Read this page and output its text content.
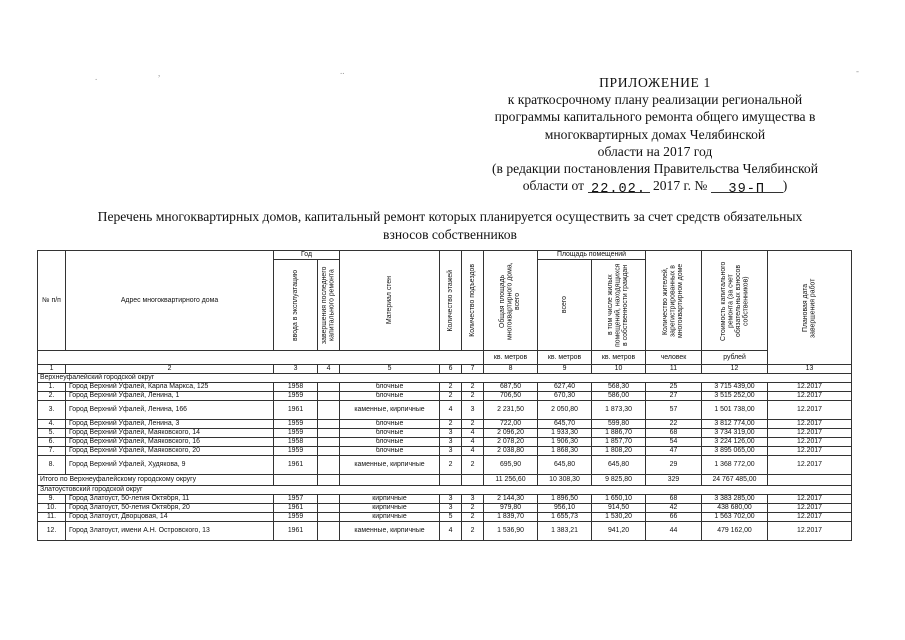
.	,	..	-
ПРИЛОЖЕНИЕ 1
к краткосрочному плану реализации региональной
программы капитального ремонта общего имущества в
многоквартирных домах Челябинской
области на 2017 год
(в редакции постановления Правительства Челябинской
области от 22.02. 2017 г. № 39-П )
Перечень многоквартирных домов, капитальный ремонт которых планируется осуществить за счет средств обязательных
взносов собственников
№ п/п	Адрес многоквартирного дома	Год		Материал стен	Количество этажей	Количество подъездов	Общая площадь многоквартирного дома, всего	Площадь помещений		Количество жителей, зарегистрированных в многоквартирном доме	Стоимость капитального ремонта (за счет обязательных взносов собственников)	Плановая дата завершения работ

		ввода в эксплуатацию	завершения последнего капитального ремонта					всего	в том числе жилых помещений, находящихся в собственности граждан			

							кв. метров	кв. метров	кв. метров	человек	рублей	
1	2	3	4	5	6	7	8	9	10	11	12	13
Верхнеуфалейский городской округ												
1.	Город Верхний Уфалей, Карла Маркса, 125	1958		блочные	2	2	687,50	627,40	568,30	25	3 715 439,00	12.2017
2.	Город Верхний Уфалей, Ленина, 1	1959		блочные	2	2	706,50	670,30	586,00	27	3 515 252,00	12.2017
3.	Город Верхний Уфалей, Ленина, 166	1961		каменные, кирпичные	4	3	2 231,50	2 050,80	1 873,30	57	1 501 738,00	12.2017
4.	Город Верхний Уфалей, Ленина, 3	1959		блочные	2	2	722,00	645,70	599,80	22	3 812 774,00	12.2017
5.	Город Верхний Уфалей, Маяковского, 14	1959		блочные	3	4	2 096,20	1 933,30	1 886,70	68	3 734 319,00	12.2017
6.	Город Верхний Уфалей, Маяковского, 16	1958		блочные	3	4	2 078,20	1 906,30	1 857,70	54	3 224 126,00	12.2017
7.	Город Верхний Уфалей, Маяковского, 20	1959		блочные	3	4	2 038,80	1 868,30	1 808,20	47	3 895 065,00	12.2017
8.	Город Верхний Уфалей, Худякова, 9	1961		каменные, кирпичные	2	2	695,90	645,80	645,80	29	1 368 772,00	12.2017
Итого по Верхнеуфалейскому городскому округу							11 256,60	10 308,30	9 825,80	329	24 767 485,00	
Златоустовский городской округ												
9.	Город Златоуст, 50-летия Октября, 11	1957		кирпичные	3	3	2 144,30	1 896,50	1 650,10	68	3 383 285,00	12.2017
10.	Город Златоуст, 50-летия Октября, 20	1961		кирпичные	3	2	979,80	956,10	914,50	42	438 680,00	12.2017
11.	Город Златоуст, Дворцовая, 14	1959		кирпичные	5	2	1 839,70	1 655,73	1 530,20	66	1 563 702,00	12.2017
12.	Город Златоуст, имени А.Н. Островского, 13	1961		каменные, кирпичные	4	2	1 536,90	1 383,21	941,20	44	479 162,00	12.2017
